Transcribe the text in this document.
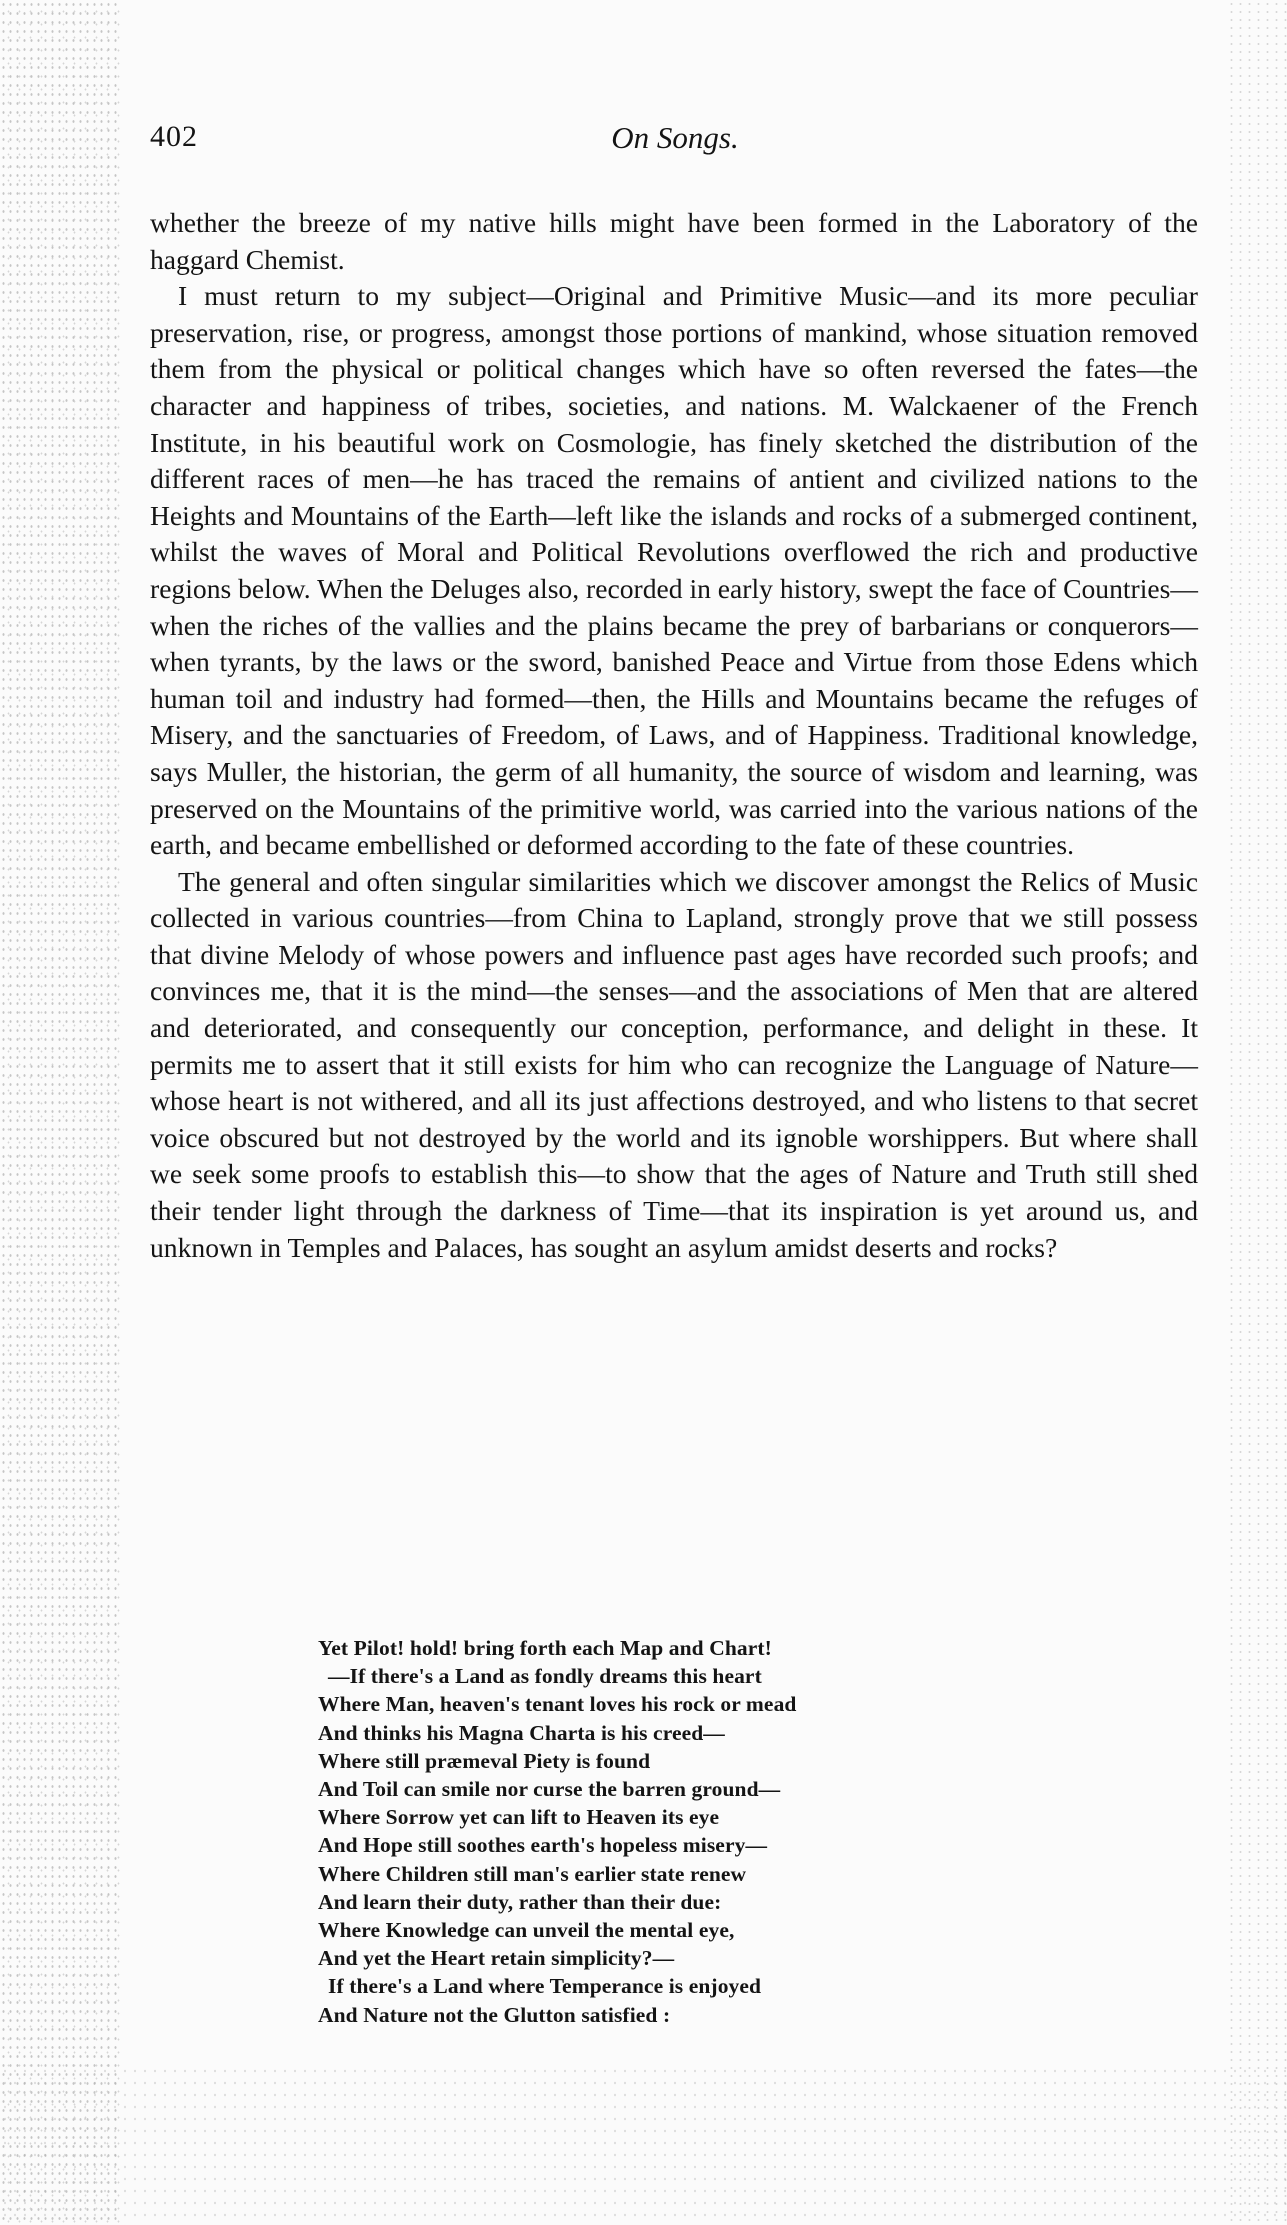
402	On Songs.

whether the breeze of my native hills might have been formed in the Laboratory of the haggard Chemist.

I must return to my subject—Original and Primitive Music—and its more peculiar preservation, rise, or progress, amongst those portions of mankind, whose situation removed them from the physical or political changes which have so often reversed the fates—the character and happiness of tribes, societies, and nations. M. Walckaener of the French Institute, in his beautiful work on Cosmologie, has finely sketched the distribution of the different races of men—he has traced the remains of antient and civilized nations to the Heights and Mountains of the Earth—left like the islands and rocks of a submerged continent, whilst the waves of Moral and Political Revolutions overflowed the rich and productive regions below. When the Deluges also, recorded in early history, swept the face of Countries—when the riches of the vallies and the plains became the prey of barbarians or conquerors—when tyrants, by the laws or the sword, banished Peace and Virtue from those Edens which human toil and industry had formed—then, the Hills and Mountains became the refuges of Misery, and the sanctuaries of Freedom, of Laws, and of Happiness. Traditional knowledge, says Muller, the historian, the germ of all humanity, the source of wisdom and learning, was preserved on the Mountains of the primitive world, was carried into the various nations of the earth, and became embellished or deformed according to the fate of these countries.

The general and often singular similarities which we discover amongst the Relics of Music collected in various countries—from China to Lapland, strongly prove that we still possess that divine Melody of whose powers and influence past ages have recorded such proofs; and convinces me, that it is the mind—the senses—and the associations of Men that are altered and deteriorated, and consequently our conception, performance, and delight in these. It permits me to assert that it still exists for him who can recognize the Language of Nature—whose heart is not withered, and all its just affections destroyed, and who listens to that secret voice obscured but not destroyed by the world and its ignoble worshippers. But where shall we seek some proofs to establish this—to show that the ages of Nature and Truth still shed their tender light through the darkness of Time—that its inspiration is yet around us, and unknown in Temples and Palaces, has sought an asylum amidst deserts and rocks?

Yet Pilot! hold! bring forth each Map and Chart!
—If there's a Land as fondly dreams this heart
Where Man, heaven's tenant loves his rock or mead
And thinks his Magna Charta is his creed—
Where still præmeval Piety is found
And Toil can smile nor curse the barren ground—
Where Sorrow yet can lift to Heaven its eye
And Hope still soothes earth's hopeless misery—
Where Children still man's earlier state renew
And learn their duty, rather than their due:
Where Knowledge can unveil the mental eye,
And yet the Heart retain simplicity?—
If there's a Land where Temperance is enjoyed
And Nature not the Glutton satisfied :
